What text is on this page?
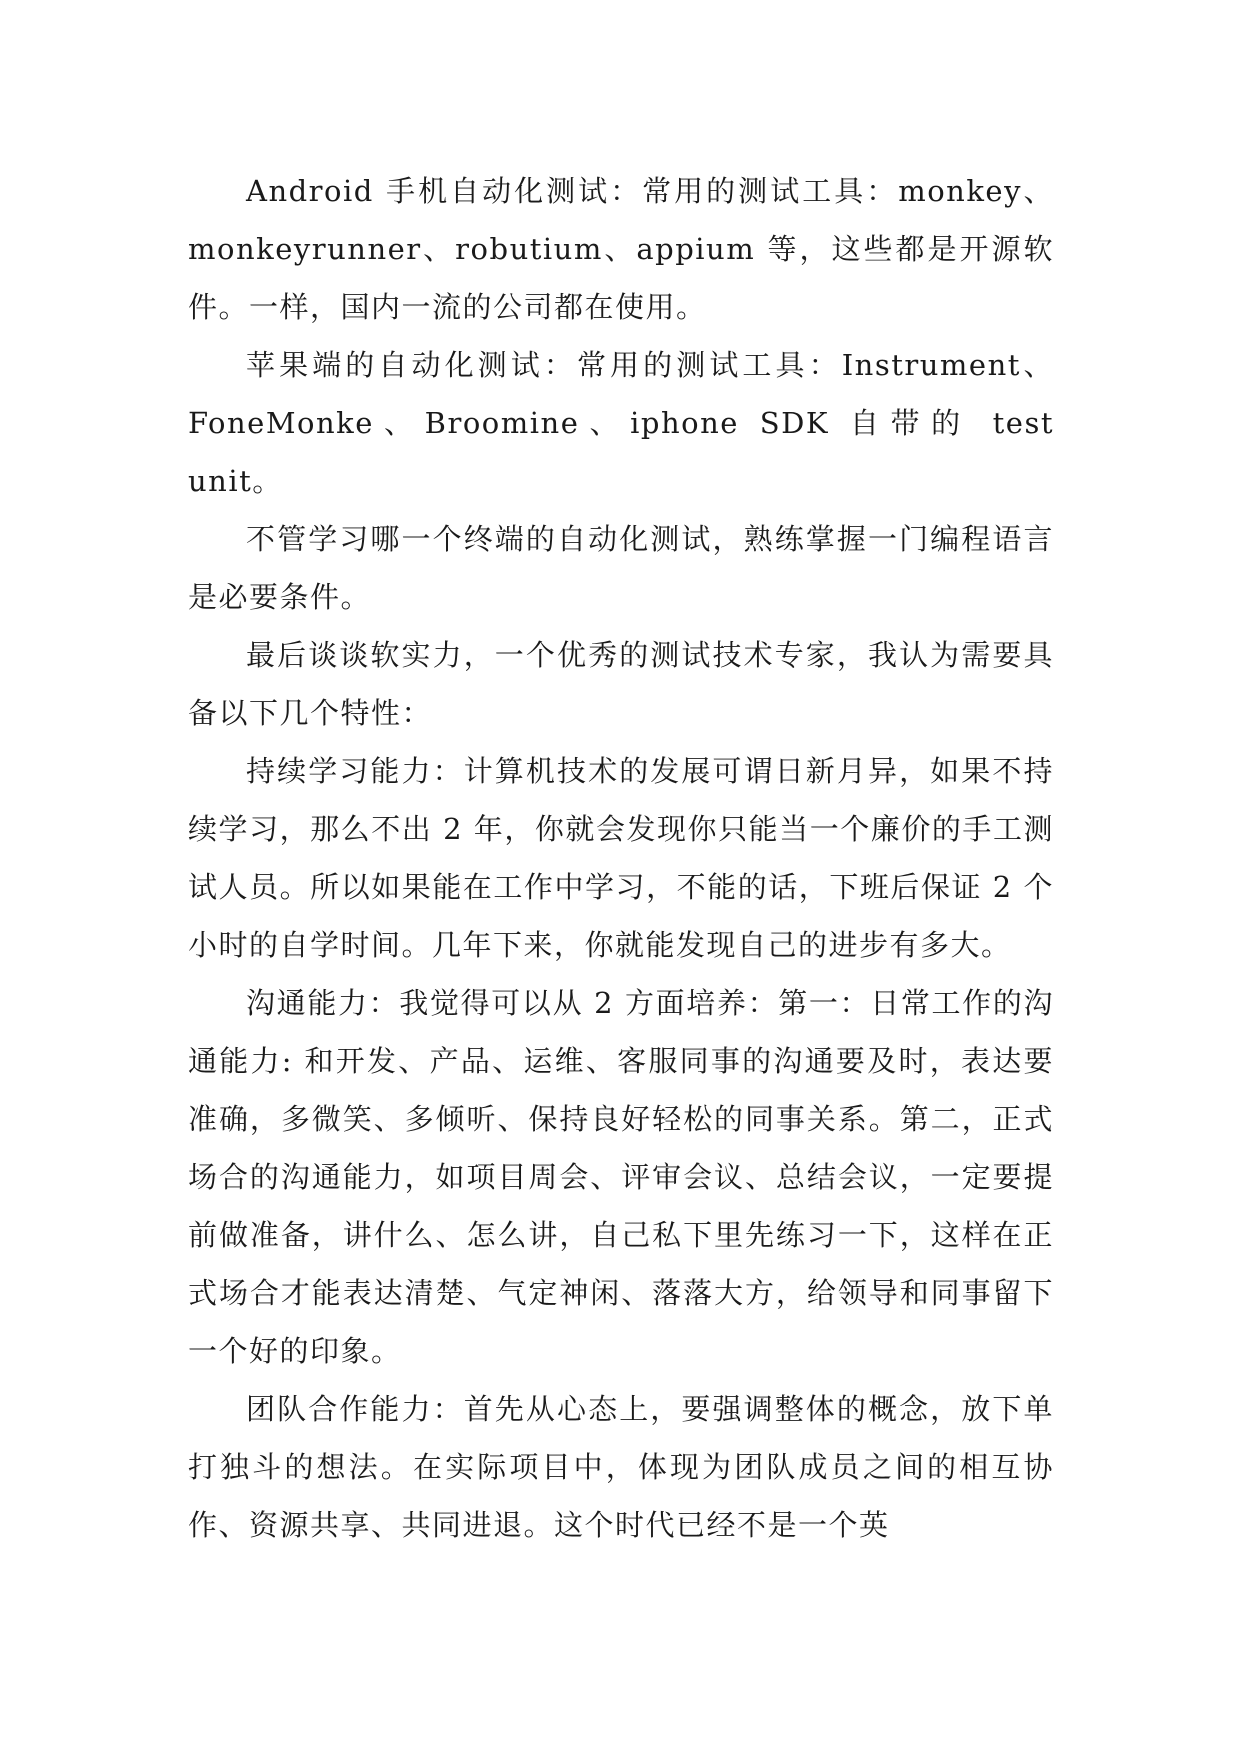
Android 手机自动化测试：常用的测试工具：monkey、monkeyrunner、robutium、appium 等，这些都是开源软件。一样，国内一流的公司都在使用。

苹果端的自动化测试：常用的测试工具：Instrument、FoneMonke、Broomine、iphone SDK 自带的 test unit。

不管学习哪一个终端的自动化测试，熟练掌握一门编程语言是必要条件。

最后谈谈软实力，一个优秀的测试技术专家，我认为需要具备以下几个特性：

持续学习能力：计算机技术的发展可谓日新月异，如果不持续学习，那么不出 2 年，你就会发现你只能当一个廉价的手工测试人员。所以如果能在工作中学习，不能的话，下班后保证 2 个小时的自学时间。几年下来，你就能发现自己的进步有多大。

沟通能力：我觉得可以从 2 方面培养：第一：日常工作的沟通能力: 和开发、产品、运维、客服同事的沟通要及时，表达要准确，多微笑、多倾听、保持良好轻松的同事关系。第二，正式场合的沟通能力，如项目周会、评审会议、总结会议，一定要提前做准备，讲什么、怎么讲，自己私下里先练习一下，这样在正式场合才能表达清楚、气定神闲、落落大方，给领导和同事留下一个好的印象。

团队合作能力：首先从心态上，要强调整体的概念，放下单打独斗的想法。在实际项目中，体现为团队成员之间的相互协作、资源共享、共同进退。这个时代已经不是一个英
